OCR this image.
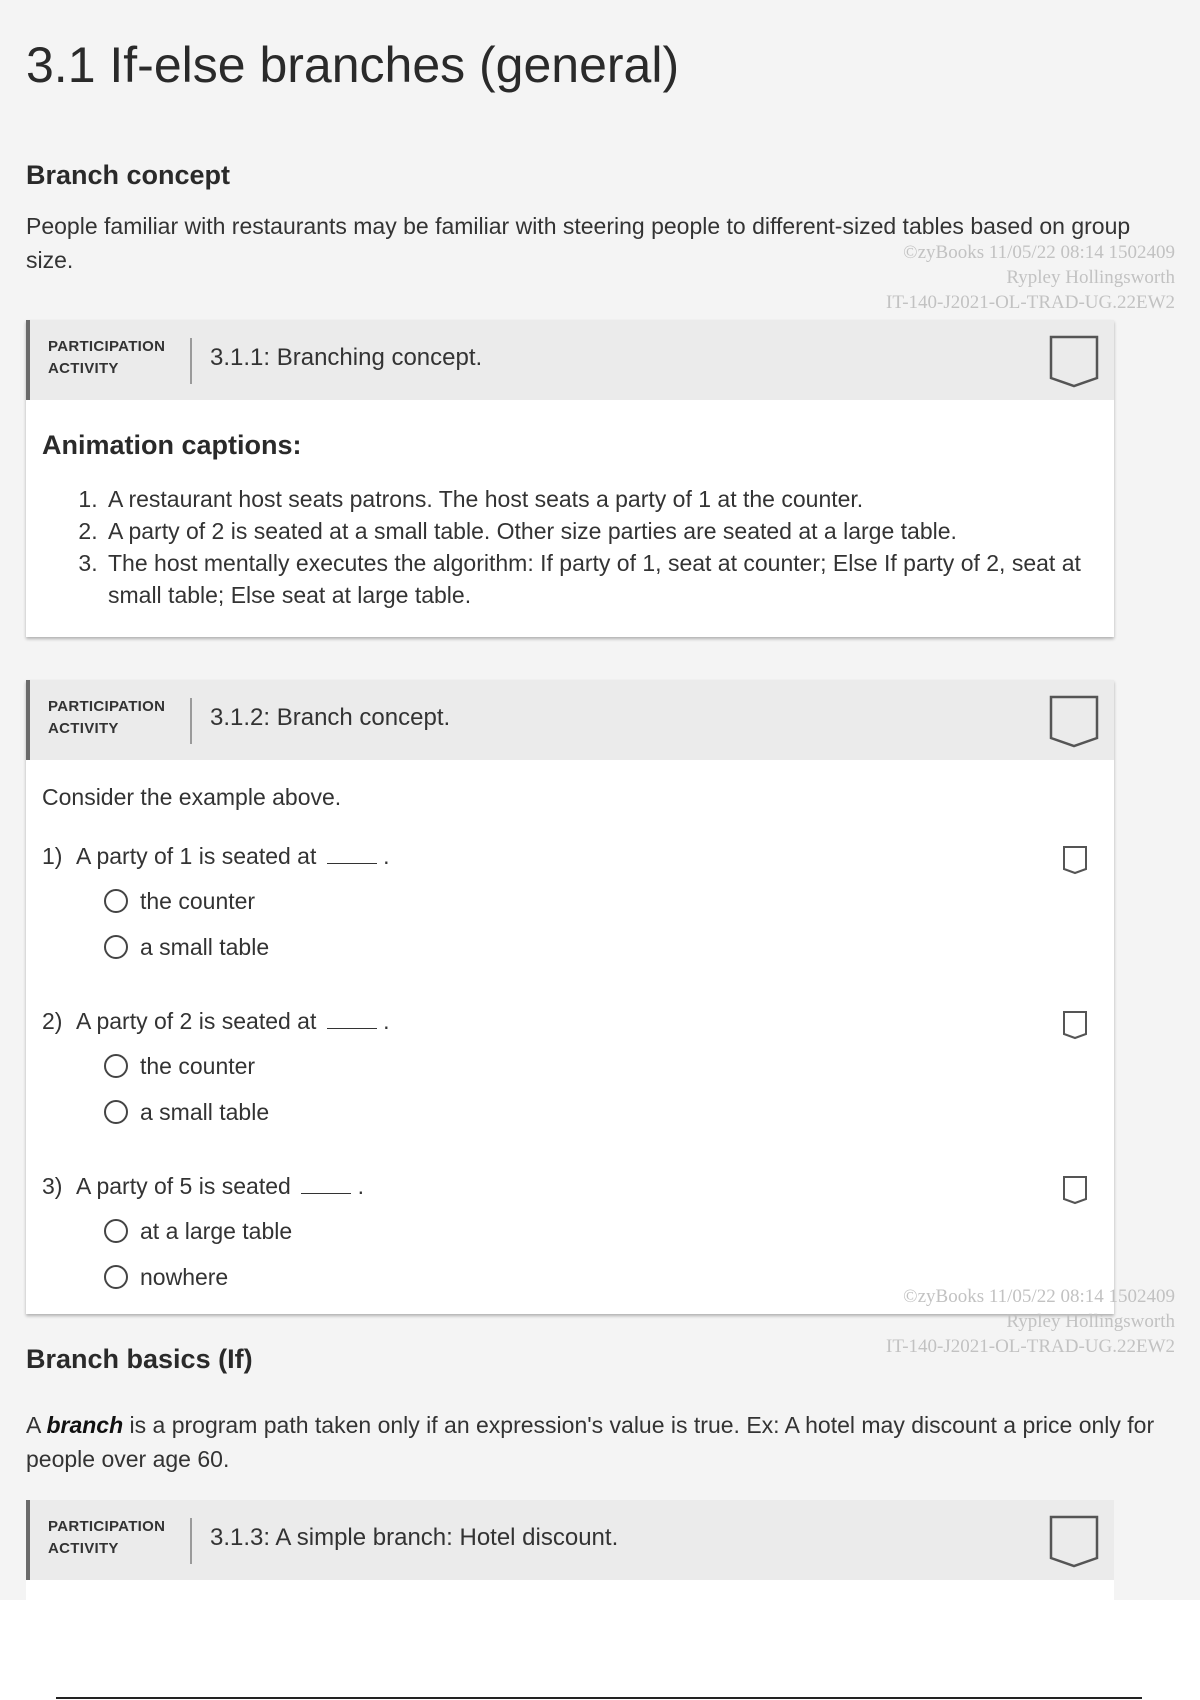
3.1 If-else branches (general)
Branch concept

People familiar with restaurants may be familiar with steering people to different-sized tables based on group size.	©zyBooks 11/05/22 08:14 1502409
Rypley Hollingsworth
IT-140-J2021-OL-TRAD-UG.22EW2
PARTICIPATION
ACTIVITY	3.1.1: Branching concept.
Animation captions:
1. A restaurant host seats patrons. The host seats a party of 1 at the counter.
2. A party of 2 is seated at a small table. Other size parties are seated at a large table.
3. The host mentally executes the algorithm: If party of 1, seat at counter; Else If party of 2, seat at small table; Else seat at large table.
PARTICIPATION
ACTIVITY	3.1.2: Branch concept.

Consider the example above.

1) A party of 1 is seated at	.
the counter
a small table
2) A party of 2 is seated at	.
the counter
a small table
3) A party of 5 is seated	.
at a large table
nowhere
©zyBooks 11/05/22 08:14 1502409
Rypley Hollingsworth
IT-140-J2021-OL-TRAD-UG.22EW2
Branch basics (If)

A branch is a program path taken only if an expression's value is true. Ex: A hotel may discount a price only for people over age 60.

PARTICIPATION
ACTIVITY	3.1.3: A simple branch: Hotel discount.
